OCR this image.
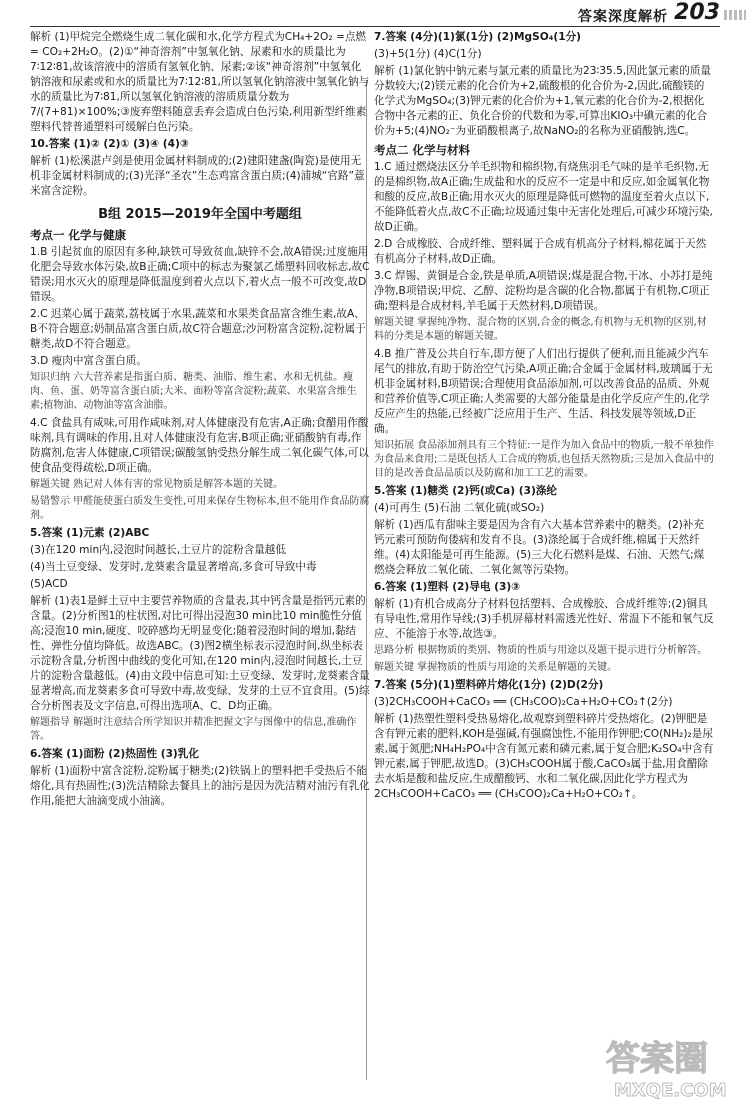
答案深度解析 203

解析 (1)甲烷完全燃烧生成二氧化碳和水,化学方程式为CH₄+2O₂ =点燃= CO₂+2H₂O。(2)①“神奇溶剂”中氢氧化钠、尿素和水的质量比为7∶12∶81,故该溶液中的溶质有氢氧化钠、尿素;②该“神奇溶剂”中氢氧化钠溶液和尿素或和水的质量比为7∶12∶81,所以氢氧化钠溶液中氢氧化钠与水的质量比为7∶81,所以氢氧化钠溶液的溶质质量分数为7/(7+81)×100%;③废弃塑料随意丢弃会造成白色污染,利用新型纤维素塑料代替普通塑料可缓解白色污染。

10.答案 (1)② (2)① (3)④ (4)③

解析 (1)松溪湛卢剑是使用金属材料制成的;(2)建阳建盏(陶瓷)是使用无机非金属材料制成的;(3)光泽“圣农”生态鸡富含蛋白质;(4)浦城“官路”薏米富含淀粉。

B组 2015—2019年全国中考题组
考点一 化学与健康

1.B 引起贫血的原因有多种,缺铁可导致贫血,缺锌不会,故A错误;过度施用化肥会导致水体污染,故B正确;C项中的标志为聚氯乙烯塑料回收标志,故C错误;用水灭火的原理是降低温度到着火点以下,着火点一般不可改变,故D错误。

2.C 迟菜心属于蔬菜,荔枝属于水果,蔬菜和水果类食品富含维生素,故A、B不符合题意;奶制品富含蛋白质,故C符合题意;沙河粉富含淀粉,淀粉属于糖类,故D不符合题意。

3.D 瘦肉中富含蛋白质。

知识归纳 六大营养素是指蛋白质、糖类、油脂、维生素、水和无机盐。瘦肉、鱼、蛋、奶等富含蛋白质;大米、面粉等富含淀粉;蔬菜、水果富含维生素;植物油、动物油等富含油脂。

4.C 食盐具有咸味,可用作咸味剂,对人体健康没有危害,A正确;食醋用作酸味剂,具有调味的作用,且对人体健康没有危害,B项正确;亚硝酸钠有毒,作防腐剂,危害人体健康,C项错误;碳酸氢钠受热分解生成二氧化碳气体,可以使食品变得疏松,D项正确。

解题关键 熟记对人体有害的常见物质是解答本题的关键。

易错警示 甲醛能使蛋白质发生变性,可用来保存生物标本,但不能用作食品防腐剂。

5.答案 (1)元素 (2)ABC

(3)在120 min内,浸泡时间越长,土豆片的淀粉含量越低

(4)当土豆变绿、发芽时,龙葵素含量显著增高,多食可导致中毒

(5)ACD

解析 (1)表1是鲜土豆中主要营养物质的含量表,其中钙含量是指钙元素的含量。(2)分析图1的柱状图,对比可得出浸泡30 min比10 min脆性分值高;浸泡10 min,硬度、咬碎感均无明显变化;随着浸泡时间的增加,黏结性、弹性分值均降低。故选ABC。(3)图2横坐标表示浸泡时间,纵坐标表示淀粉含量,分析图中曲线的变化可知,在120 min内,浸泡时间越长,土豆片的淀粉含量越低。(4)由文段中信息可知:土豆变绿、发芽时,龙葵素含量显著增高,而龙葵素多食可导致中毒,故变绿、发芽的土豆不宜食用。(5)综合分析图表及文字信息,可得出选项A、C、D均正确。

解题指导 解题时注意结合所学知识并精准把握文字与图像中的信息,准确作答。

6.答案 (1)面粉 (2)热固性 (3)乳化

解析 (1)面粉中富含淀粉,淀粉属于糖类;(2)铁锅上的塑料把手受热后不能熔化,具有热固性;(3)洗洁精除去餐具上的油污是因为洗洁精对油污有乳化作用,能把大油滴变成小油滴。

7.答案 (4分)(1)氯(1分) (2)MgSO₄(1分)

(3)+5(1分) (4)C(1分)

解析 (1)氯化钠中钠元素与氯元素的质量比为23∶35.5,因此氯元素的质量分数较大;(2)镁元素的化合价为+2,硫酸根的化合价为-2,因此,硫酸镁的化学式为MgSO₄;(3)钾元素的化合价为+1,氧元素的化合价为-2,根据化合物中各元素的正、负化合价的代数和为零,可算出KIO₃中碘元素的化合价为+5;(4)NO₂⁻为亚硝酸根离子,故NaNO₂的名称为亚硝酸钠,选C。

考点二 化学与材料

1.C 通过燃烧法区分羊毛织物和棉织物,有烧焦羽毛气味的是羊毛织物,无的是棉织物,故A正确;生成盐和水的反应不一定是中和反应,如金属氧化物和酸的反应,故B正确;用水灭火的原理是降低可燃物的温度至着火点以下,不能降低着火点,故C不正确;垃圾通过集中无害化处理后,可减少环境污染,故D正确。

2.D 合成橡胶、合成纤维、塑料属于合成有机高分子材料,棉花属于天然有机高分子材料,故D正确。

3.C 焊锡、黄铜是合金,铁是单质,A项错误;煤是混合物,干冰、小苏打是纯净物,B项错误;甲烷、乙醇、淀粉均是含碳的化合物,都属于有机物,C项正确;塑料是合成材料,羊毛属于天然材料,D项错误。

解题关键 掌握纯净物、混合物的区别,合金的概念,有机物与无机物的区别,材料的分类是本题的解题关键。

4.B 推广普及公共自行车,即方便了人们出行提供了便利,而且能减少汽车尾气的排放,有助于防治空气污染,A项正确;合金属于金属材料,玻璃属于无机非金属材料,B项错误;合理使用食品添加剂,可以改善食品的品质、外观和营养价值等,C项正确;人类需要的大部分能量是由化学反应产生的,化学反应产生的热能,已经被广泛应用于生产、生活、科技发展等领域,D正确。

知识拓展 食品添加剂具有三个特征:一是作为加入食品中的物质,一般不单独作为食品来食用;二是既包括人工合成的物质,也包括天然物质;三是加入食品中的目的是改善食品品质以及防腐和加工工艺的需要。

5.答案 (1)糖类 (2)钙(或Ca) (3)涤纶

(4)可再生 (5)石油 二氧化硫(或SO₂)

解析 (1)西瓜有甜味主要是因为含有六大基本营养素中的糖类。(2)补充钙元素可预防佝偻病和发育不良。(3)涤纶属于合成纤维,棉属于天然纤维。(4)太阳能是可再生能源。(5)三大化石燃料是煤、石油、天然气;煤燃烧会释放二氧化硫、二氧化氮等污染物。

6.答案 (1)塑料 (2)导电 (3)③

解析 (1)有机合成高分子材料包括塑料、合成橡胶、合成纤维等;(2)铜具有导电性,常用作导线;(3)手机屏幕材料需透光性好、常温下不能和氧气反应、不能溶于水等,故选③。

思路分析 根据物质的类别、物质的性质与用途以及题干提示进行分析解答。

解题关键 掌握物质的性质与用途的关系是解题的关键。

7.答案 (5分)(1)塑料碎片熔化(1分) (2)D(2分)

(3)2CH₃COOH+CaCO₃ ══ (CH₃COO)₂Ca+H₂O+CO₂↑(2分)

解析 (1)热塑性塑料受热易熔化,故观察到塑料碎片受热熔化。(2)钾肥是含有钾元素的肥料,KOH是强碱,有强腐蚀性,不能用作钾肥;CO(NH₂)₂是尿素,属于氮肥;NH₄H₂PO₄中含有氮元素和磷元素,属于复合肥;K₂SO₄中含有钾元素,属于钾肥,故选D。(3)CH₃COOH属于酸,CaCO₃属于盐,用食醋除去水垢是酸和盐反应,生成醋酸钙、水和二氧化碳,因此化学方程式为2CH₃COOH+CaCO₃ ══ (CH₃COO)₂Ca+H₂O+CO₂↑。

答案圈
MXQE.COM
